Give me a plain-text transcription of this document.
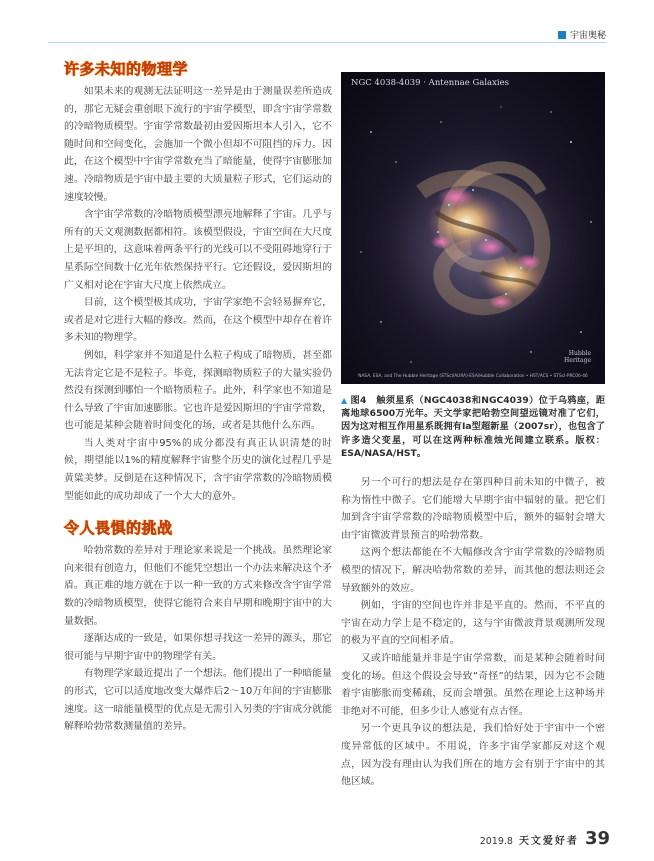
宇宙奥秘
许多未知的物理学

如果未来的观测无法证明这一差异是由于测量误差所造成的，那它无疑会重创眼下流行的宇宙学模型，即含宇宙学常数的冷暗物质模型。宇宙学常数最初由爱因斯坦本人引入，它不随时间和空间变化，会施加一个微小但却不可阻挡的斥力。因此，在这个模型中宇宙学常数充当了暗能量，使得宇宙膨胀加速。冷暗物质是宇宙中最主要的大质量粒子形式，它们运动的速度较慢。

含宇宙学常数的冷暗物质模型漂亮地解释了宇宙。几乎与所有的天文观测数据都相符。该模型假设，宇宙空间在大尺度上是平坦的，这意味着两条平行的光线可以不受阻碍地穿行于星系际空间数十亿光年依然保持平行。它还假设，爱因斯坦的广义相对论在宇宙大尺度上依然成立。

目前，这个模型极其成功，宇宙学家绝不会轻易摒弃它，或者是对它进行大幅的修改。然而，在这个模型中却存在着许多未知的物理学。

例如，科学家并不知道是什么粒子构成了暗物质，甚至都无法肯定它是不是粒子。毕竟，探测暗物质粒子的大量实验仍然没有探测到哪怕一个暗物质粒子。此外，科学家也不知道是什么导致了宇宙加速膨胀。它也许是爱因斯坦的宇宙学常数，也可能是某种会随着时间变化的场，或者是其他什么东西。

当人类对宇宙中95%的成分都没有真正认识清楚的时候，期望能以1%的精度解释宇宙整个历史的演化过程几乎是黄粱美梦。反倒是在这种情况下，含宇宙学常数的冷暗物质模型能如此的成功却成了一个大大的意外。

令人畏惧的挑战

哈勃常数的差异对于理论家来说是一个挑战。虽然理论家向来很有创造力，但他们不能凭空想出一个办法来解决这个矛盾。真正难的地方就在于以一种一致的方式来修改含宇宙学常数的冷暗物质模型，使得它能符合来自早期和晚期宇宙中的大量数据。

逐渐达成的一致是，如果你想寻找这一差异的源头，那它很可能与早期宇宙中的物理学有关。

有物理学家最近提出了一个想法。他们提出了一种暗能量的形式，它可以适度地改变大爆炸后2～10万年间的宇宙膨胀速度。这一暗能量模型的优点是无需引入另类的宇宙成分就能解释哈勃常数测量值的差异。

NGC 4038-4039 · Antennae Galaxies
Hubble
Heritage
NASA, ESA, and The Hubble Heritage (STScI/AURA)-ESA/Hubble Collaboration • HST/ACS • STScI-PRC06-46
▲ 图4　触须星系（NGC4038和NGC4039）位于乌鸦座，距离地球6500万光年。天文学家把哈勃空间望远镜对准了它们，因为这对相互作用星系既拥有Ia型超新星（2007sr），也包含了许多造父变星，可以在这两种标准烛光间建立联系。版权：ESA/NASA/HST。

另一个可行的想法是存在第四种目前未知的中微子，被称为惰性中微子。它们能增大早期宇宙中辐射的量。把它们加到含宇宙学常数的冷暗物质模型中后，额外的辐射会增大由宇宙微波背景预言的哈勃常数。

这两个想法都能在不大幅修改含宇宙学常数的冷暗物质模型的情况下，解决哈勃常数的差异，而其他的想法则还会导致额外的效应。

例如，宇宙的空间也许并非是平直的。然而，不平直的宇宙在动力学上是不稳定的，这与宇宙微波背景观测所发现的极为平直的空间相矛盾。

又或许暗能量并非是宇宙学常数，而是某种会随着时间变化的场。但这个假设会导致“奇怪”的结果，因为它不会随着宇宙膨胀而变稀疏，反而会增强。虽然在理论上这种场并非绝对不可能，但多少让人感觉有点古怪。

另一个更具争议的想法是，我们恰好处于宇宙中一个密度异常低的区域中。不用说，许多宇宙学家都反对这个观点，因为没有理由认为我们所在的地方会有别于宇宙中的其他区域。

2019.8 天文爱好者 39
